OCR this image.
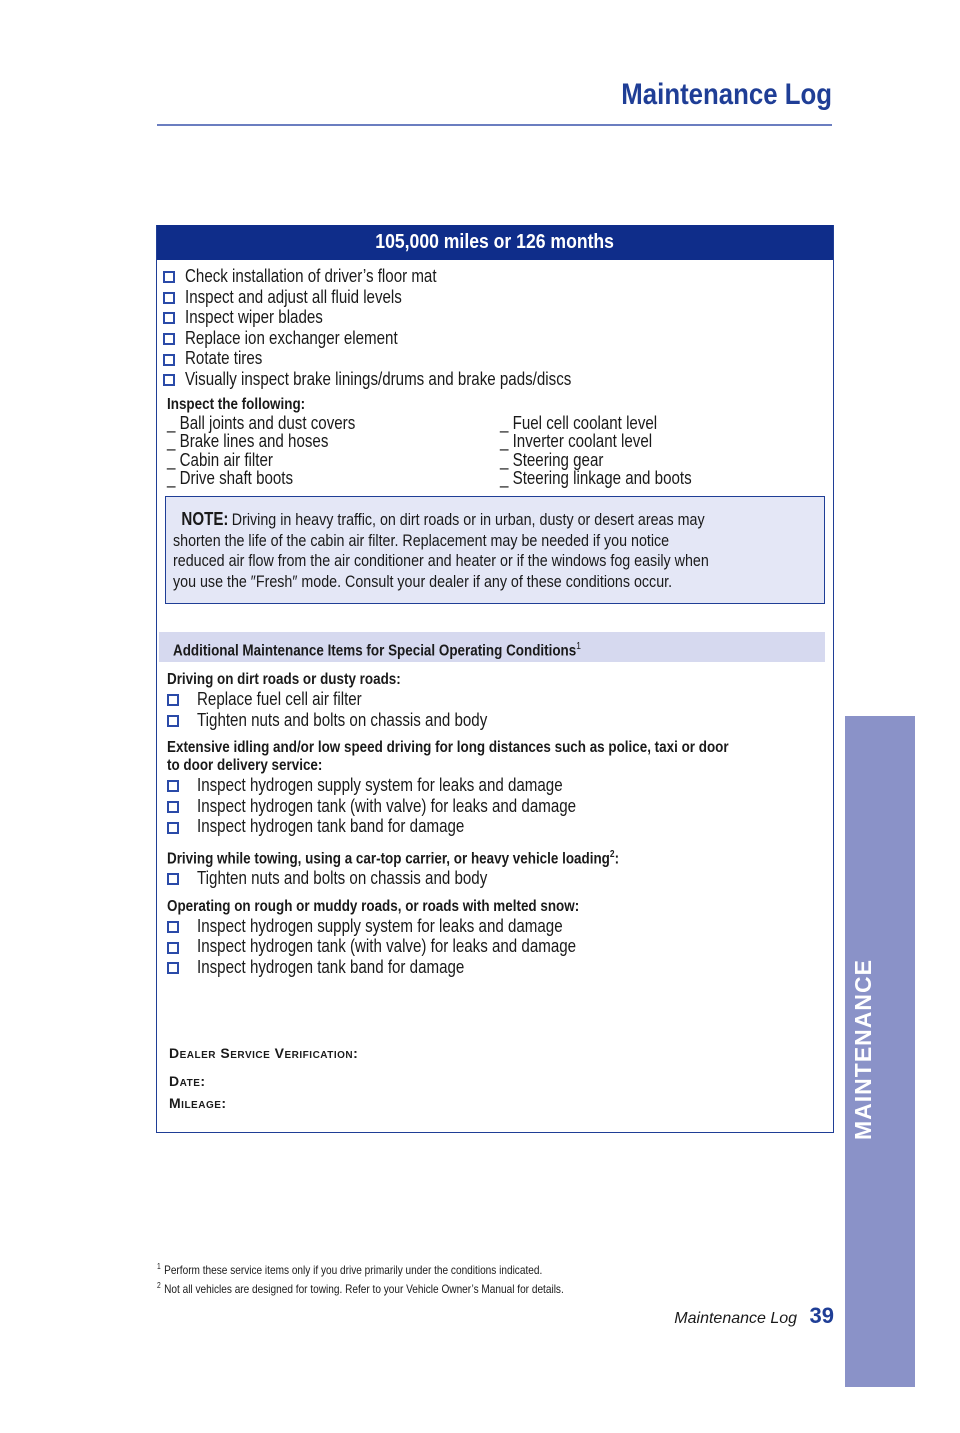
Maintenance Log
105,000 miles or 126 months
Check installation of driver’s floor mat
Inspect and adjust all fluid levels
Inspect wiper blades
Replace ion exchanger element
Rotate tires
Visually inspect brake linings/drums and brake pads/discs
Inspect the following:
_ Ball joints and dust covers
_ Brake lines and hoses
_ Cabin air filter
_ Drive shaft boots
_ Fuel cell coolant level
_ Inverter coolant level
_ Steering gear
_ Steering linkage and boots
NOTE: Driving in heavy traffic, on dirt roads or in urban, dusty or desert areas may
shorten the life of the cabin air filter. Replacement may be needed if you notice
reduced air flow from the air conditioner and heater or if the windows fog easily when
you use the ″Fresh″ mode. Consult your dealer if any of these conditions occur.
Additional Maintenance Items for Special Operating Conditions$^1$
Driving on dirt roads or dusty roads:
Replace fuel cell air filter
Tighten nuts and bolts on chassis and body
Extensive idling and/or low speed driving for long distances such as police, taxi or door
to door delivery service:
Inspect hydrogen supply system for leaks and damage
Inspect hydrogen tank (with valve) for leaks and damage
Inspect hydrogen tank band for damage
Driving while towing, using a car-top carrier, or heavy vehicle loading$^2$:
Tighten nuts and bolts on chassis and body
Operating on rough or muddy roads, or roads with melted snow:
Inspect hydrogen supply system for leaks and damage
Inspect hydrogen tank (with valve) for leaks and damage
Inspect hydrogen tank band for damage
Dealer Service Verification:
Date:
Mileage:
$^1$ Perform these service items only if you drive primarily under the conditions indicated.
$^2$ Not all vehicles are designed for towing. Refer to your Vehicle Owner’s Manual for details.
Maintenance Log 39
